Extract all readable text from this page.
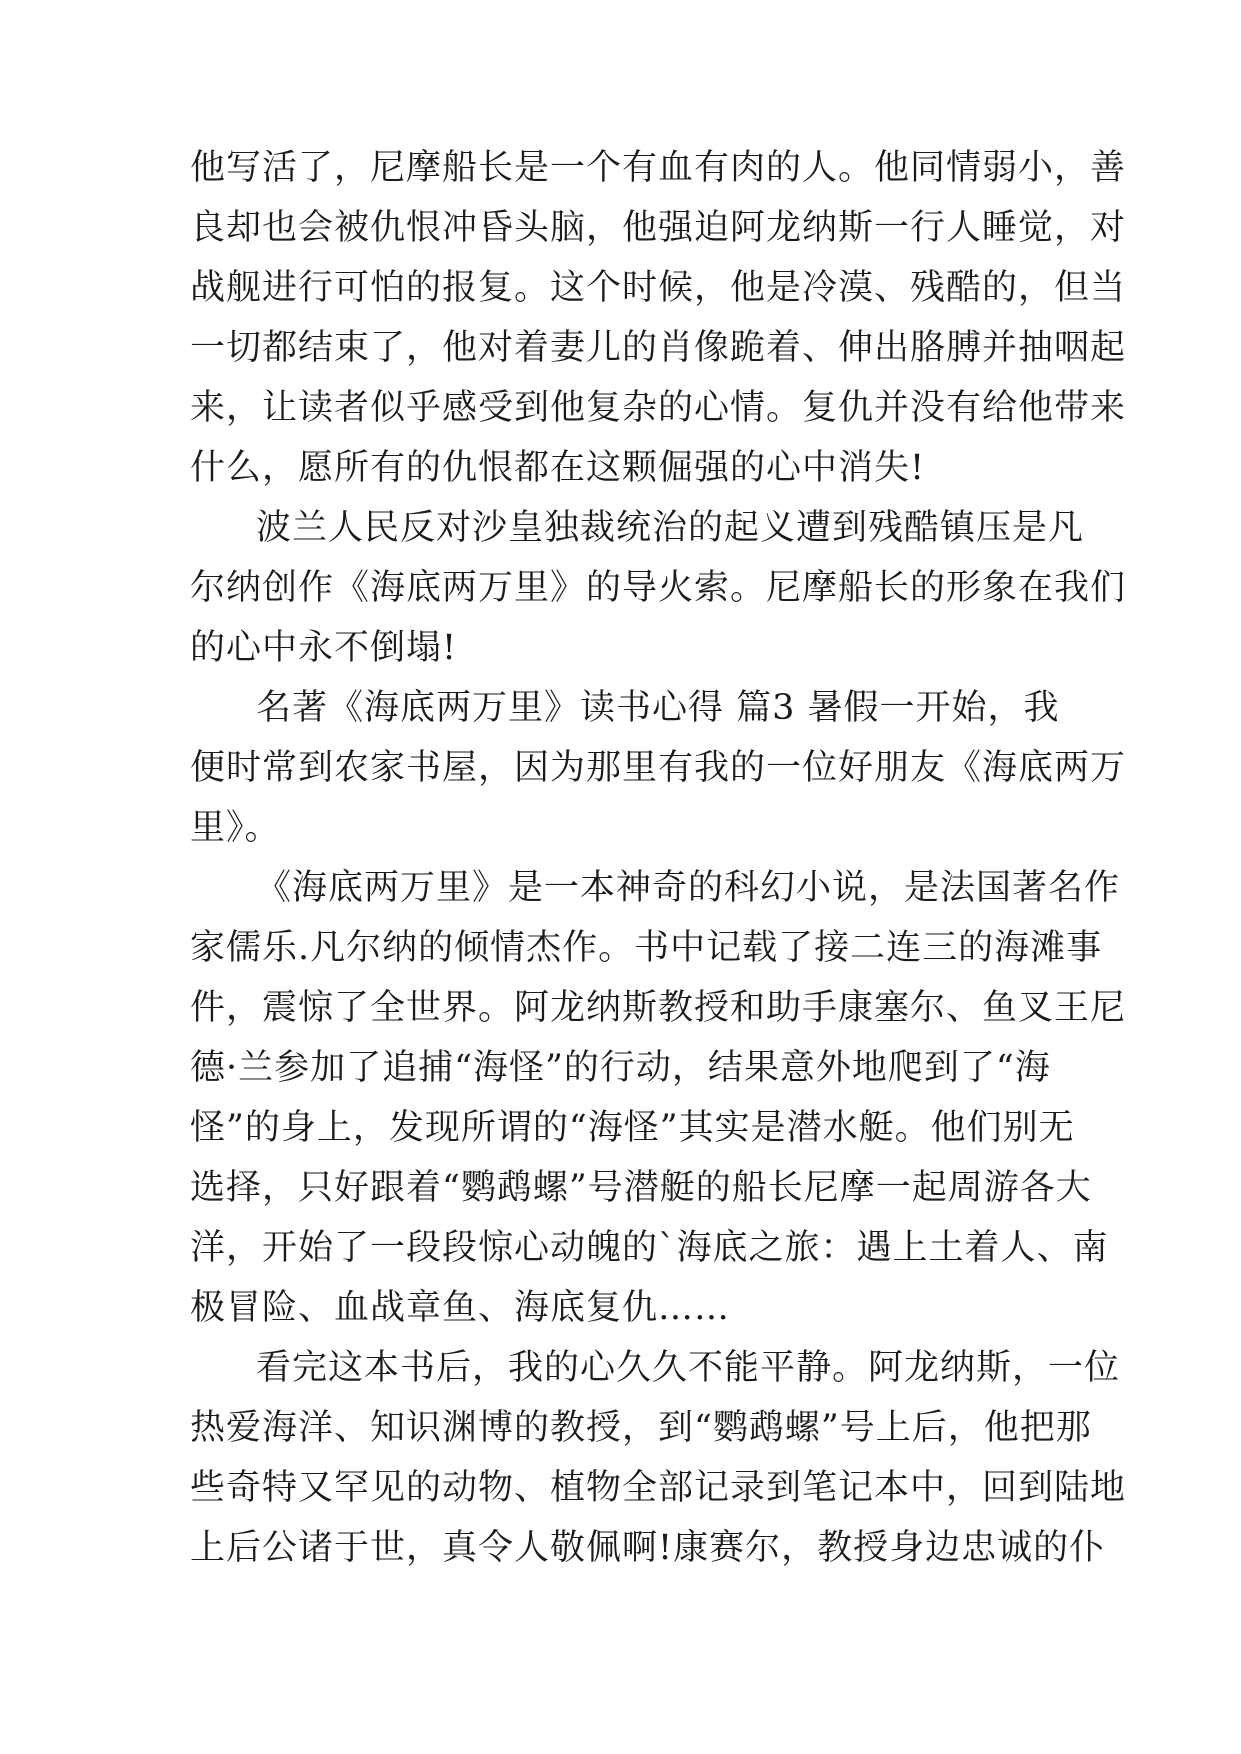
他写活了，尼摩船长是一个有血有肉的人。他同情弱小，善
良却也会被仇恨冲昏头脑，他强迫阿龙纳斯一行人睡觉，对
战舰进行可怕的报复。这个时候，他是冷漠、残酷的，但当
一切都结束了，他对着妻儿的肖像跪着、伸出胳膊并抽咽起
来，让读者似乎感受到他复杂的心情。复仇并没有给他带来
什么，愿所有的仇恨都在这颗倔强的心中消失!
波兰人民反对沙皇独裁统治的起义遭到残酷镇压是凡
尔纳创作《海底两万里》的导火索。尼摩船长的形象在我们
的心中永不倒塌!
名著《海底两万里》读书心得 篇3 暑假一开始，我
便时常到农家书屋，因为那里有我的一位好朋友《海底两万
里》。
《海底两万里》是一本神奇的科幻小说，是法国著名作
家儒乐.凡尔纳的倾情杰作。书中记载了接二连三的海滩事
件，震惊了全世界。阿龙纳斯教授和助手康塞尔、鱼叉王尼
德·兰参加了追捕“海怪”的行动，结果意外地爬到了“海
怪”的身上，发现所谓的“海怪”其实是潜水艇。他们别无
选择，只好跟着“鹦鹉螺”号潜艇的船长尼摩一起周游各大
洋，开始了一段段惊心动魄的`海底之旅：遇上土着人、南
极冒险、血战章鱼、海底复仇……
看完这本书后，我的心久久不能平静。阿龙纳斯，一位
热爱海洋、知识渊博的教授，到“鹦鹉螺”号上后，他把那
些奇特又罕见的动物、植物全部记录到笔记本中，回到陆地
上后公诸于世，真令人敬佩啊!康赛尔，教授身边忠诚的仆
